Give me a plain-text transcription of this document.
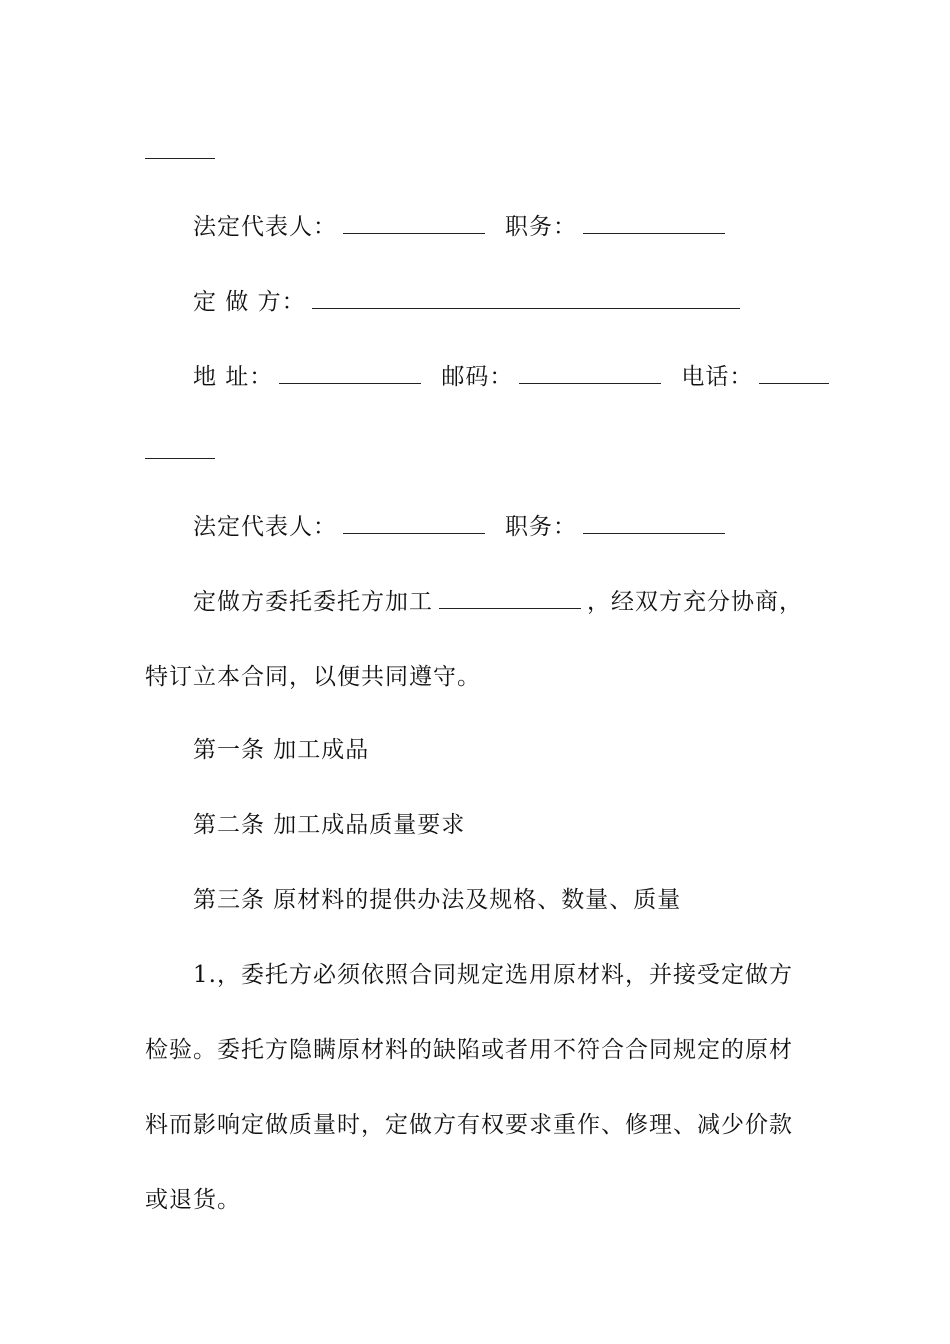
法定代表人：	职务：
定 做 方：
地 址：	邮码：	电话：
法定代表人：	职务：
定做方委托委托方加工	，经双方充分协商，
特订立本合同，以便共同遵守。
第一条 加工成品
第二条 加工成品质量要求
第三条 原材料的提供办法及规格、数量、质量
1.，委托方必须依照合同规定选用原材料，并接受定做方
检验。委托方隐瞒原材料的缺陷或者用不符合合同规定的原材
料而影响定做质量时，定做方有权要求重作、修理、减少价款
或退货。
